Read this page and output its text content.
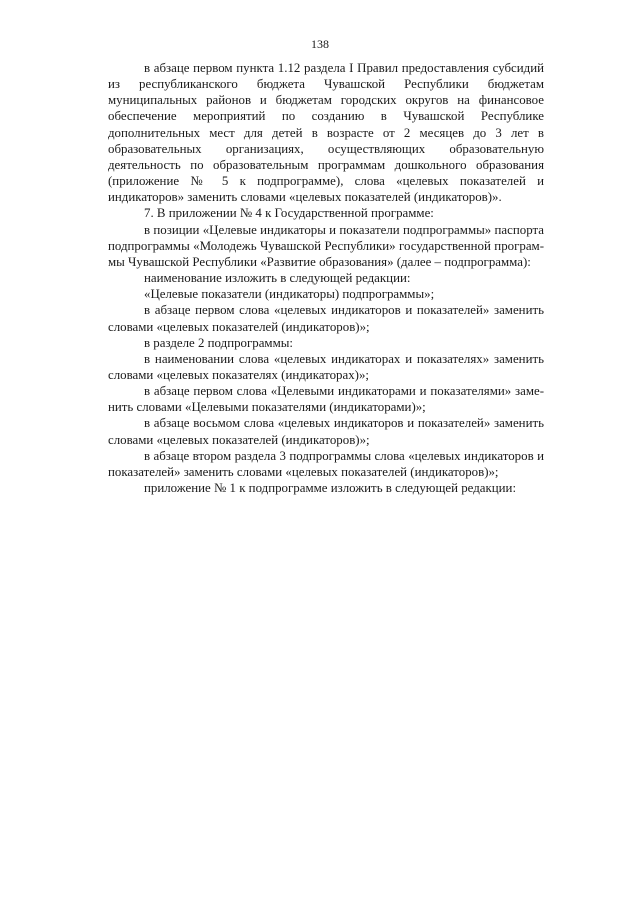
138

в абзаце первом пункта 1.12 раздела I Правил предоставления субсидий из республиканского бюджета Чувашской Республики бюджетам муниципальных районов и бюджетам городских округов на финансовое обеспечение мероприятий по созданию в Чувашской Республике дополнительных мест для детей в возрасте от 2 месяцев до 3 лет в образовательных организациях, осуществляющих образовательную деятельность по образовательным программам дошкольного образования (приложение № 5 к подпрограмме), слова «целевых показателей и индикаторов» заменить словами «целевых показателей (индикаторов)».

7. В приложении № 4 к Государственной программе:

в позиции «Целевые индикаторы и показатели подпрограммы» паспорта подпрограммы «Молодежь Чувашской Республики» государственной программы Чувашской Республики «Развитие образования» (далее – подпрограмма):

наименование изложить в следующей редакции:

«Целевые показатели (индикаторы) подпрограммы»;

в абзаце первом слова «целевых индикаторов и показателей» заменить словами «целевых показателей (индикаторов)»;

в разделе 2 подпрограммы:

в наименовании слова «целевых индикаторах и показателях» заменить словами «целевых показателях (индикаторах)»;

в абзаце первом слова «Целевыми индикаторами и показателями» заменить словами «Целевыми показателями (индикаторами)»;

в абзаце восьмом слова «целевых индикаторов и показателей» заменить словами «целевых показателей (индикаторов)»;

в абзаце втором раздела 3 подпрограммы слова «целевых индикаторов и показателей» заменить словами «целевых показателей (индикаторов)»;

приложение № 1 к подпрограмме изложить в следующей редакции:
